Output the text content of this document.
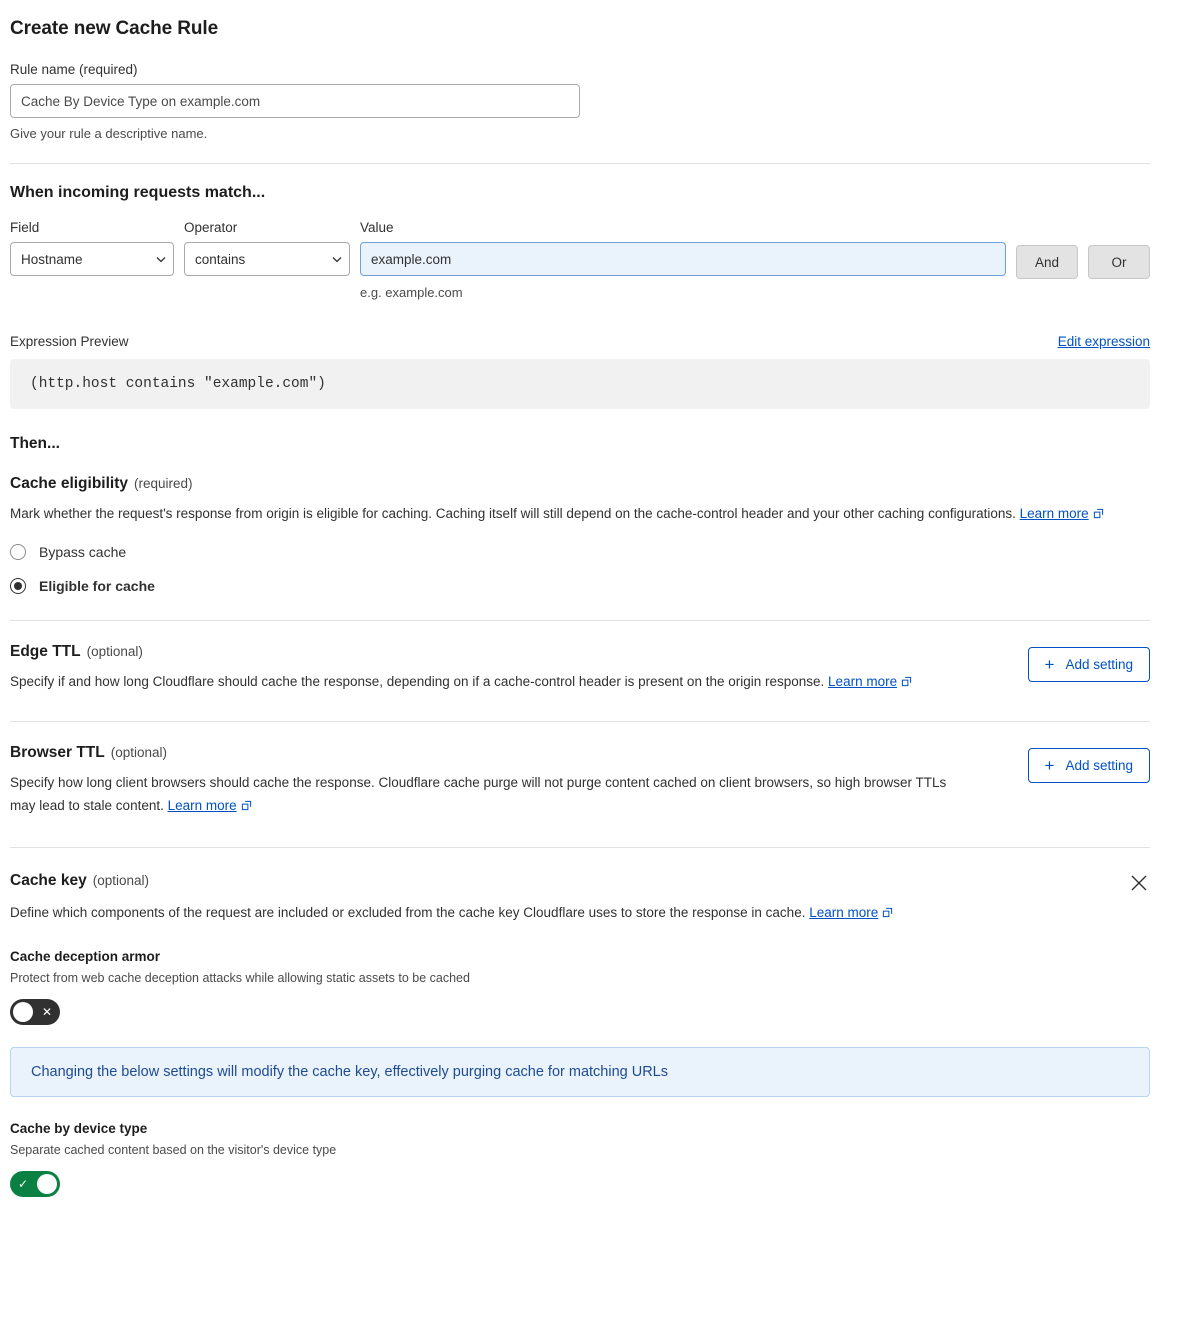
Create new Cache Rule
Rule name (required)
Cache By Device Type on example.com
Give your rule a descriptive name.
When incoming requests match...
Field
Hostname
Operator
contains
Value
example.com
e.g. example.com
And	Or
Expression Preview	Edit expression
(http.host contains "example.com")
Then...
Cache eligibility (required)
Mark whether the request's response from origin is eligible for caching. Caching itself will still depend on the cache-control header and your other caching configurations. Learn more
Bypass cache
Eligible for cache
Edge TTL (optional)
Specify if and how long Cloudflare should cache the response, depending on if a cache-control header is present on the origin response. Learn more
+ Add setting
Browser TTL (optional)
Specify how long client browsers should cache the response. Cloudflare cache purge will not purge content cached on client browsers, so high browser TTLs may lead to stale content. Learn more
+ Add setting
Cache key (optional)
Define which components of the request are included or excluded from the cache key Cloudflare uses to store the response in cache. Learn more
Cache deception armor
Protect from web cache deception attacks while allowing static assets to be cached
✕
Changing the below settings will modify the cache key, effectively purging cache for matching URLs
Cache by device type
Separate cached content based on the visitor's device type
✓
